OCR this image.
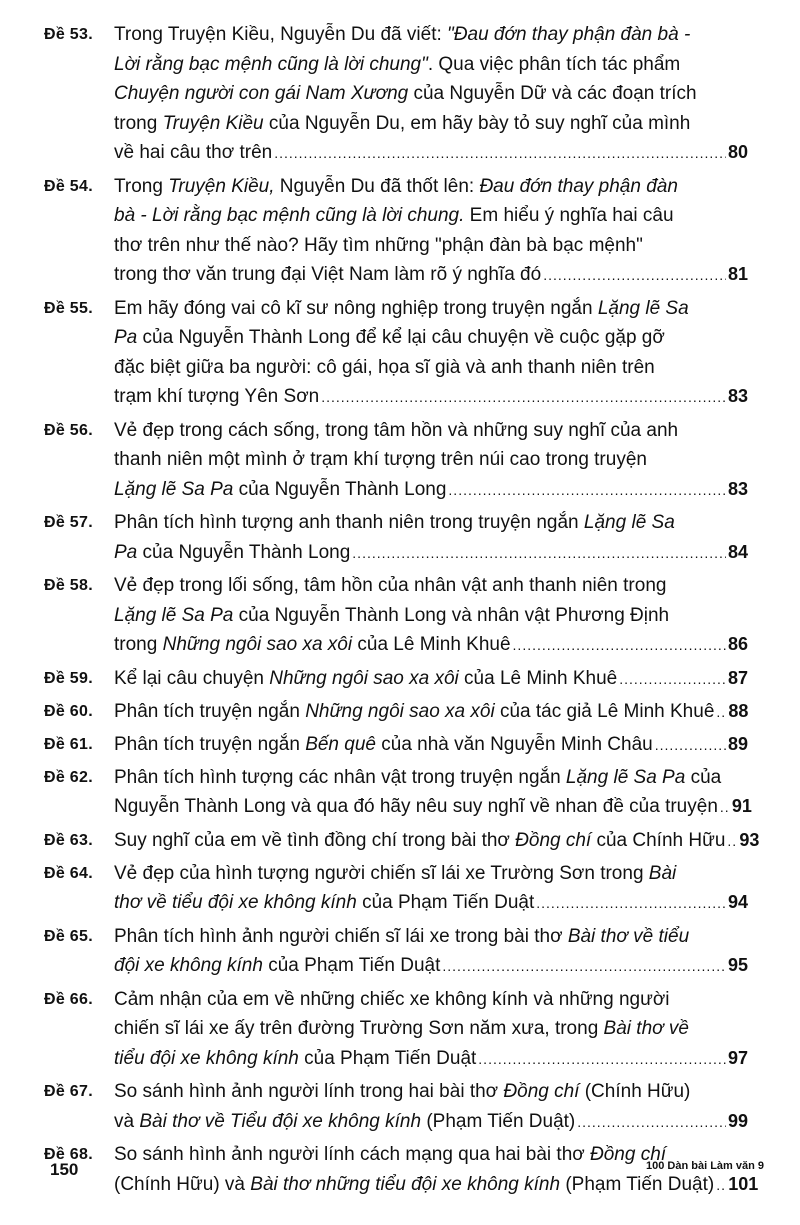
Đề 53.	Trong Truyện Kiều, Nguyễn Du đã viết: "Đau đớn thay phận đàn bà -
Lời rằng bạc mệnh cũng là lời chung". Qua việc phân tích tác phẩm
Chuyện người con gái Nam Xương của Nguyễn Dữ và các đoạn trích
trong Truyện Kiều của Nguyễn Du, em hãy bày tỏ suy nghĩ của mình
về hai câu thơ trên .....	80
Đề 54.	Trong Truyện Kiều, Nguyễn Du đã thốt lên: Đau đớn thay phận đàn
bà - Lời rằng bạc mệnh cũng là lời chung. Em hiểu ý nghĩa hai câu
thơ trên như thế nào? Hãy tìm những "phận đàn bà bạc mệnh"
trong thơ văn trung đại Việt Nam làm rõ ý nghĩa đó .....	81
Đề 55.	Em hãy đóng vai cô kĩ sư nông nghiệp trong truyện ngắn Lặng lẽ Sa
Pa của Nguyễn Thành Long để kể lại câu chuyện về cuộc gặp gỡ
đặc biệt giữa ba người: cô gái, họa sĩ già và anh thanh niên trên
trạm khí tượng Yên Sơn .....	83
Đề 56.	Vẻ đẹp trong cách sống, trong tâm hồn và những suy nghĩ của anh
thanh niên một mình ở trạm khí tượng trên núi cao trong truyện
Lặng lẽ Sa Pa của Nguyễn Thành Long .....	83
Đề 57.	Phân tích hình tượng anh thanh niên trong truyện ngắn Lặng lẽ Sa
Pa của Nguyễn Thành Long .....	84
Đề 58.	Vẻ đẹp trong lối sống, tâm hồn của nhân vật anh thanh niên trong
Lặng lẽ Sa Pa của Nguyễn Thành Long và nhân vật Phương Định
trong Những ngôi sao xa xôi của Lê Minh Khuê .....	86
Đề 59.	Kể lại câu chuyện Những ngôi sao xa xôi của Lê Minh Khuê .....	87
Đề 60.	Phân tích truyện ngắn Những ngôi sao xa xôi của tác giả Lê Minh Khuê ..... 88
Đề 61.	Phân tích truyện ngắn Bến quê của nhà văn Nguyễn Minh Châu .....	89
Đề 62.	Phân tích hình tượng các nhân vật trong truyện ngắn Lặng lẽ Sa Pa của
Nguyễn Thành Long và qua đó hãy nêu suy nghĩ về nhan đề của truyện ..... 91
Đề 63.	Suy nghĩ của em về tình đồng chí trong bài thơ Đồng chí của Chính Hữu ..... 93
Đề 64.	Vẻ đẹp của hình tượng người chiến sĩ lái xe Trường Sơn trong Bài
thơ về tiểu đội xe không kính của Phạm Tiến Duật .....	94
Đề 65.	Phân tích hình ảnh người chiến sĩ lái xe trong bài thơ Bài thơ về tiểu
đội xe không kính của Phạm Tiến Duật .....	95
Đề 66.	Cảm nhận của em về những chiếc xe không kính và những người
chiến sĩ lái xe ấy trên đường Trường Sơn năm xưa, trong Bài thơ về
tiểu đội xe không kính của Phạm Tiến Duật .....	97
Đề 67.	So sánh hình ảnh người lính trong hai bài thơ Đồng chí (Chính Hữu)
và Bài thơ về Tiểu đội xe không kính (Phạm Tiến Duật) .....	99
Đề 68.	So sánh hình ảnh người lính cách mạng qua hai bài thơ Đồng chí
(Chính Hữu) và Bài thơ những tiểu đội xe không kính (Phạm Tiến Duật) ..... 101
150	100 Dàn bài Làm văn 9
